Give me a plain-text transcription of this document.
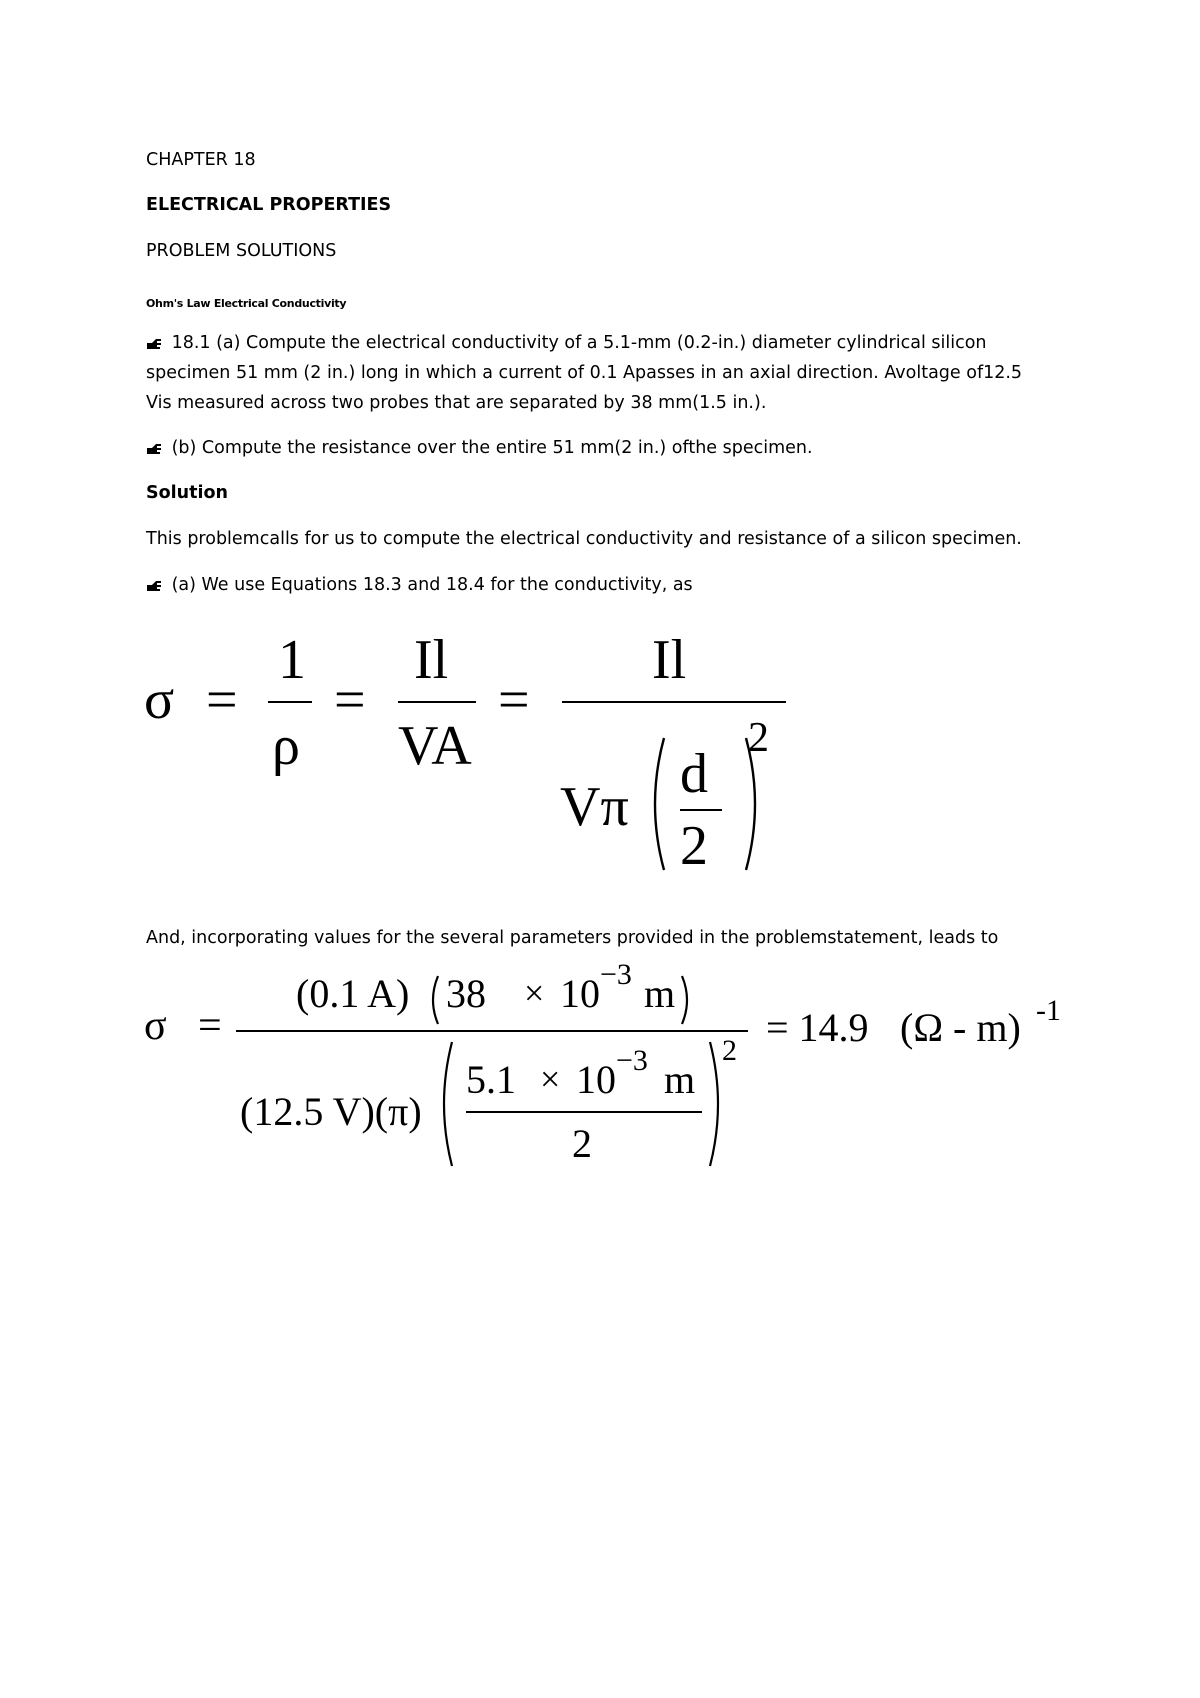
CHAPTER 18
ELECTRICAL PROPERTIES
PROBLEM SOLUTIONS
Ohm's Law Electrical Conductivity
18.1 (a) Compute the electrical conductivity of a 5.1-mm (0.2-in.) diameter cylindrical silicon
specimen 51 mm (2 in.) long in which a current of 0.1 Apasses in an axial direction. Avoltage of12.5
Vis measured across two probes that are separated by 38 mm(1.5 in.).
(b) Compute the resistance over the entire 51 mm(2 in.) ofthe specimen.
Solution
This problemcalls for us to compute the electrical conductivity and resistance of a silicon specimen.
(a) We use Equations 18.3 and 18.4 for the conductivity, as
σ =
1
ρ
=
Il
VA
=
Il
Vπ
d
2
2
And, incorporating values for the several parameters provided in the problemstatement, leads to
σ =
(0.1 A) 38 × 10 −3 m
(12.5 V)(π)
5.1 × 10 −3 m
2
2
= 14.9 (Ω - m) -1
